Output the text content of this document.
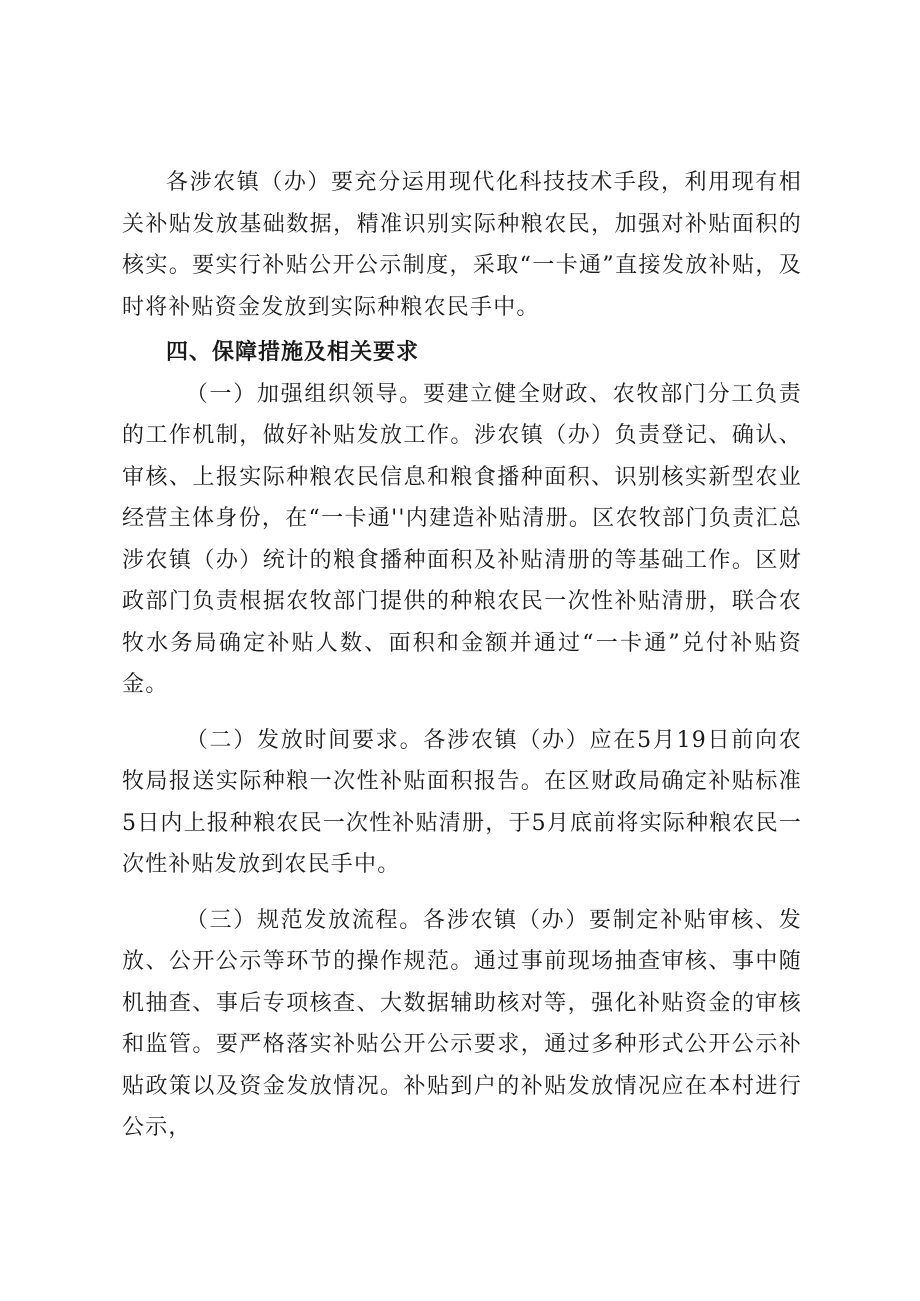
各涉农镇（办）要充分运用现代化科技技术手段，利用现有相关补贴发放基础数据，精准识别实际种粮农民，加强对补贴面积的核实。要实行补贴公开公示制度，采取“一卡通”直接发放补贴，及时将补贴资金发放到实际种粮农民手中。

四、保障措施及相关要求

（一）加强组织领导。要建立健全财政、农牧部门分工负责的工作机制，做好补贴发放工作。涉农镇（办）负责登记、确认、审核、上报实际种粮农民信息和粮食播种面积、识别核实新型农业经营主体身份，在“一卡通''内建造补贴清册。区农牧部门负责汇总涉农镇（办）统计的粮食播种面积及补贴清册的等基础工作。区财政部门负责根据农牧部门提供的种粮农民一次性补贴清册，联合农牧水务局确定补贴人数、面积和金额并通过“一卡通”兑付补贴资金。

（二）发放时间要求。各涉农镇（办）应在5月19日前向农牧局报送实际种粮一次性补贴面积报告。在区财政局确定补贴标准5日内上报种粮农民一次性补贴清册，于5月底前将实际种粮农民一次性补贴发放到农民手中。

（三）规范发放流程。各涉农镇（办）要制定补贴审核、发放、公开公示等环节的操作规范。通过事前现场抽查审核、事中随机抽查、事后专项核查、大数据辅助核对等，强化补贴资金的审核和监管。要严格落实补贴公开公示要求，通过多种形式公开公示补贴政策以及资金发放情况。补贴到户的补贴发放情况应在本村进行公示，
